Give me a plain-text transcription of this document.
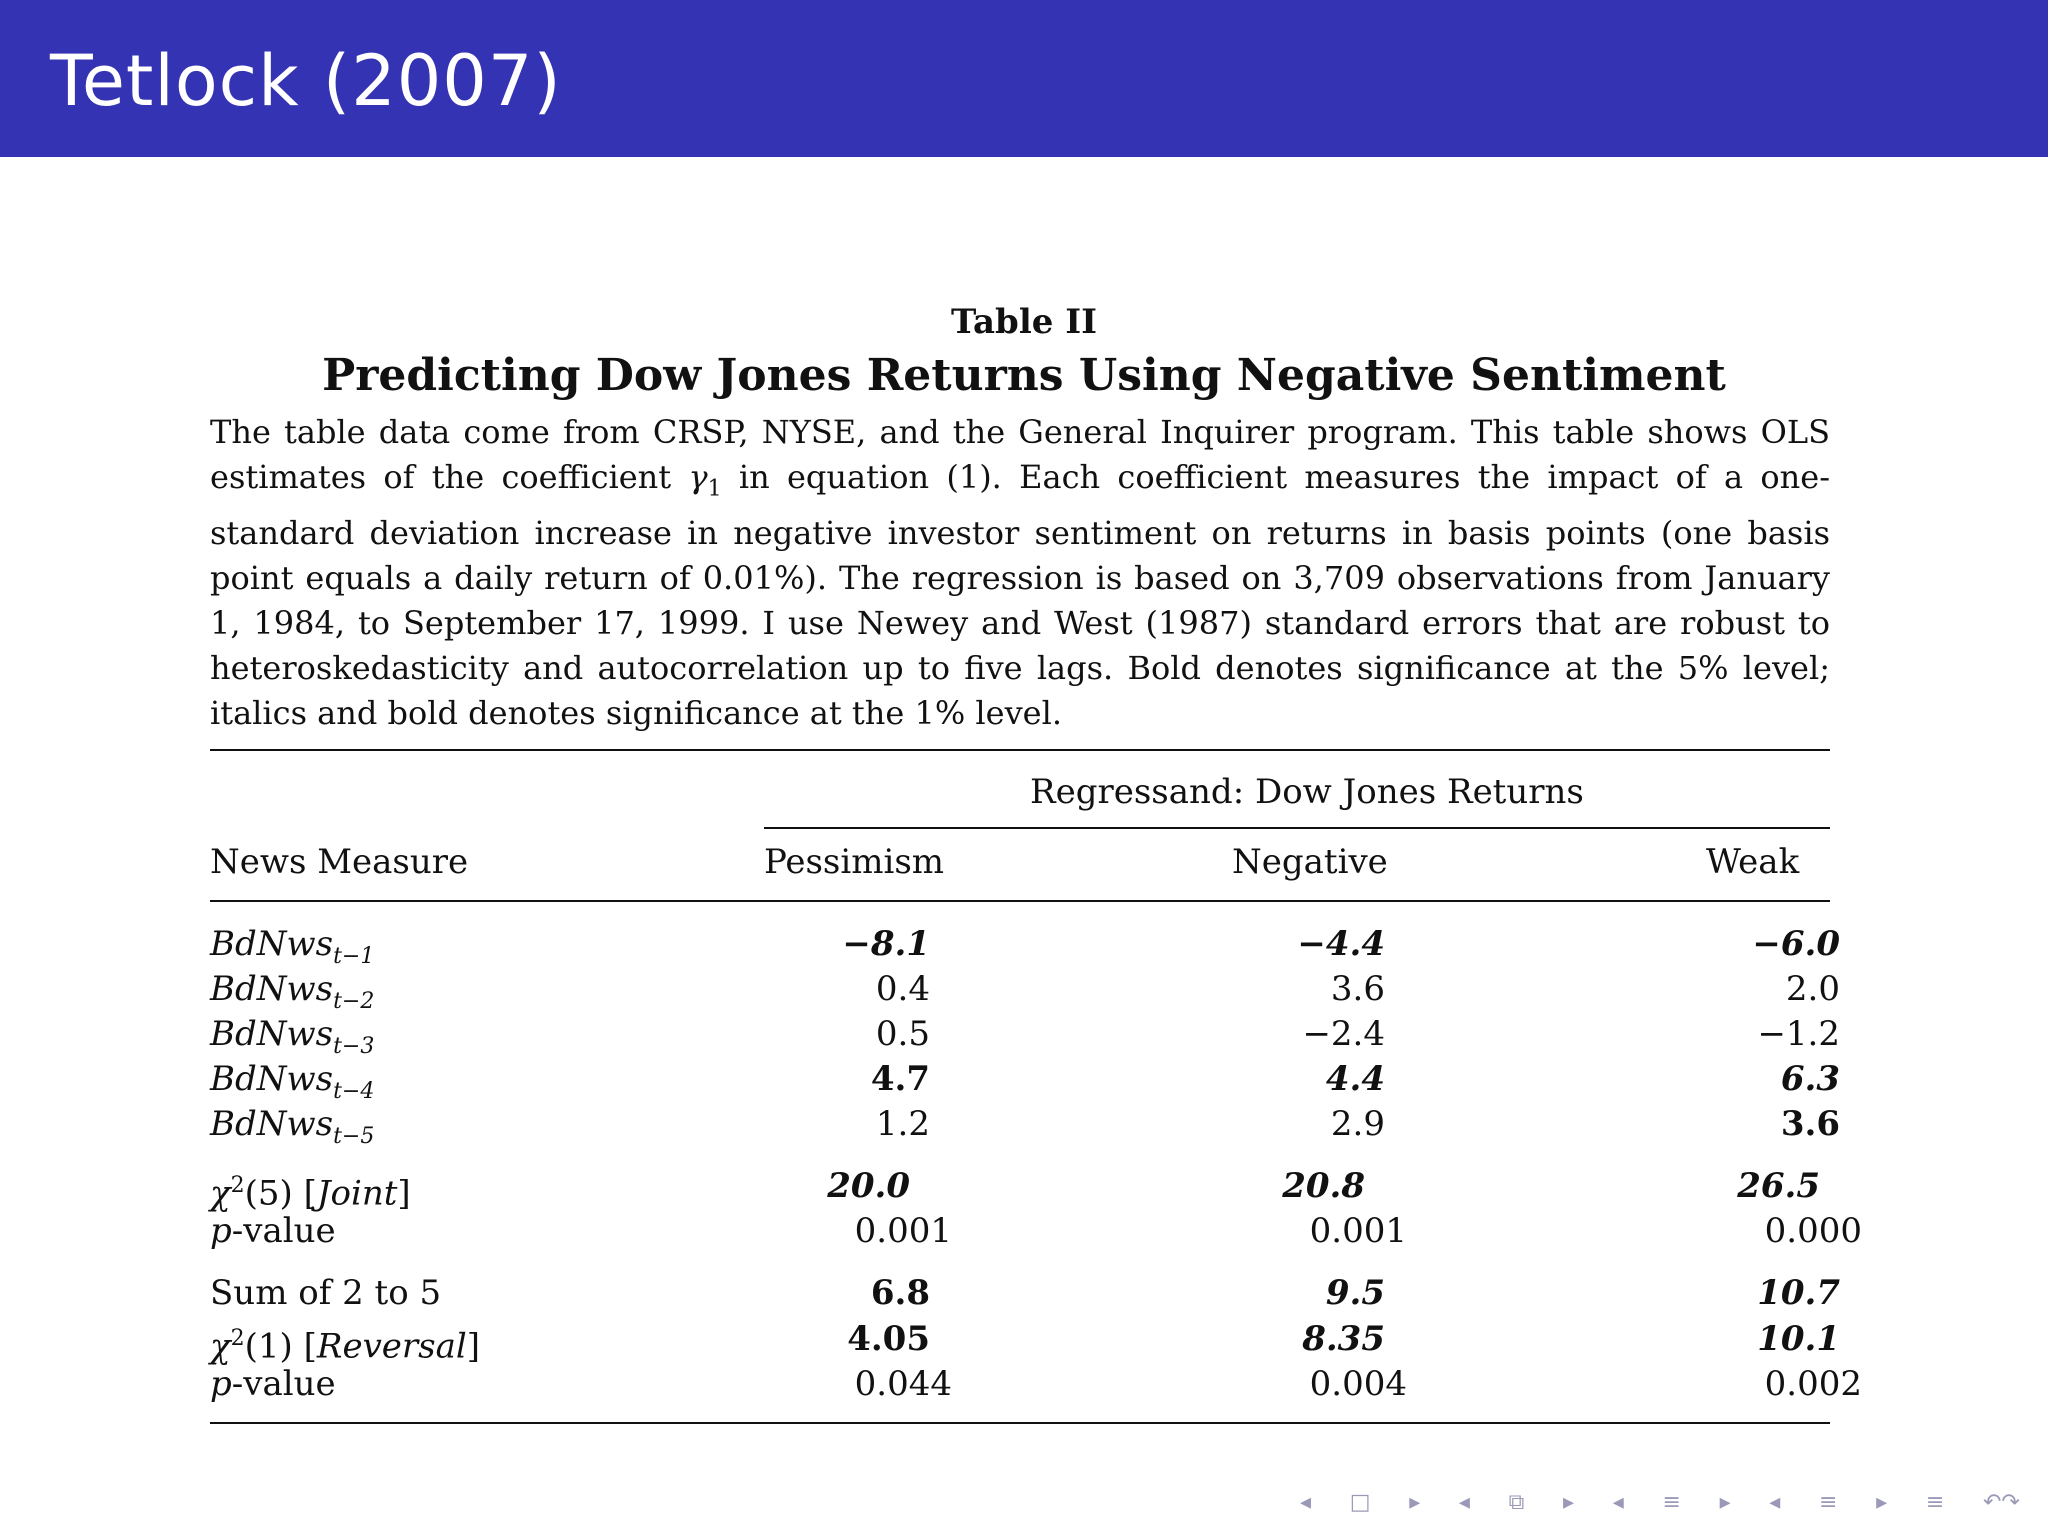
Tetlock (2007)
Table II
Predicting Dow Jones Returns Using Negative Sentiment
The table data come from CRSP, NYSE, and the General Inquirer program. This table shows OLS estimates of the coefficient $\gamma_1$ in equation (1). Each coefficient measures the impact of a one-standard deviation increase in negative investor sentiment on returns in basis points (one basis point equals a daily return of 0.01%). The regression is based on 3,709 observations from January 1, 1984, to September 17, 1999. I use Newey and West (1987) standard errors that are robust to heteroskedasticity and autocorrelation up to five lags. Bold denotes significance at the 5% level; italics and bold denotes significance at the 1% level.
Regressand: Dow Jones Returns
News Measure	Pessimism	Negative	Weak
BdNws$_{t-1}$	−8.1	−4.4	−6.0
BdNws$_{t-2}$	0.4	3.6	2.0
BdNws$_{t-3}$	0.5	−2.4	−1.2
BdNws$_{t-4}$	4.7	4.4	6.3
BdNws$_{t-5}$	1.2	2.9	3.6
$\chi^2(5)$ [Joint]	20.0	20.8	26.5
p-value	0.001	0.001	0.000
Sum of 2 to 5	6.8	9.5	10.7
$\chi^2(1)$ [Reversal]	4.05	8.35	10.1
p-value	0.044	0.004	0.002
◂ □ ▸ ◂ ⧉ ▸ ◂ ≡ ▸ ◂ ≡ ▸ ≡ ↶↷
